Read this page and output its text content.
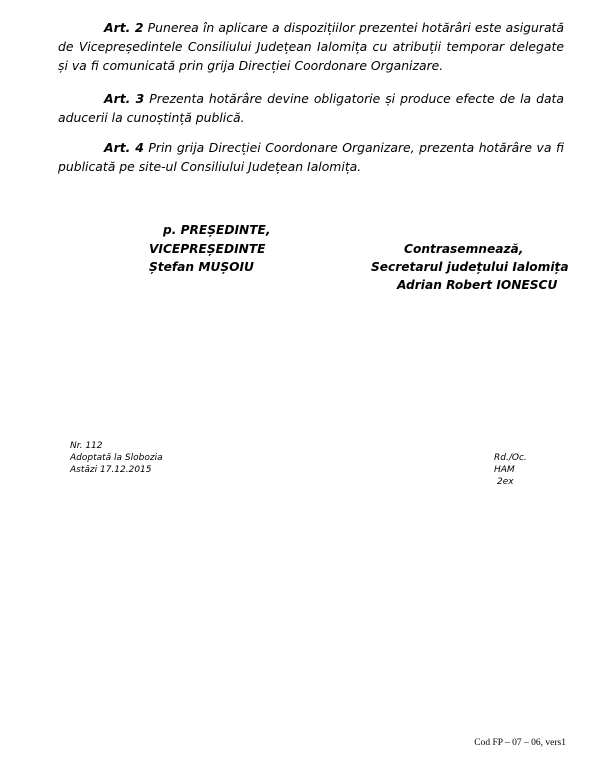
Art. 2 Punerea în aplicare a dispozițiilor prezentei hotărâri este asigurată de Vicepreședintele Consiliului Județean Ialomița cu atribuții temporar delegate și va fi comunicată prin grija Direcției Coordonare Organizare.
Art. 3 Prezenta hotărâre devine obligatorie și produce efecte de la data aducerii la cunoștință publică.
Art. 4 Prin grija Direcției Coordonare Organizare, prezenta hotărâre va fi publicată pe site-ul Consiliului Județean Ialomița.
p. PREȘEDINTE,
VICEPREȘEDINTE
Ștefan MUȘOIU
Contrasemnează,
Secretarul județului Ialomița
Adrian Robert IONESCU
Nr. 112
Adoptată la Slobozia
Astăzi 17.12.2015
Rd./Oc.
HAM
2ex
Cod FP – 07 – 06, vers1
